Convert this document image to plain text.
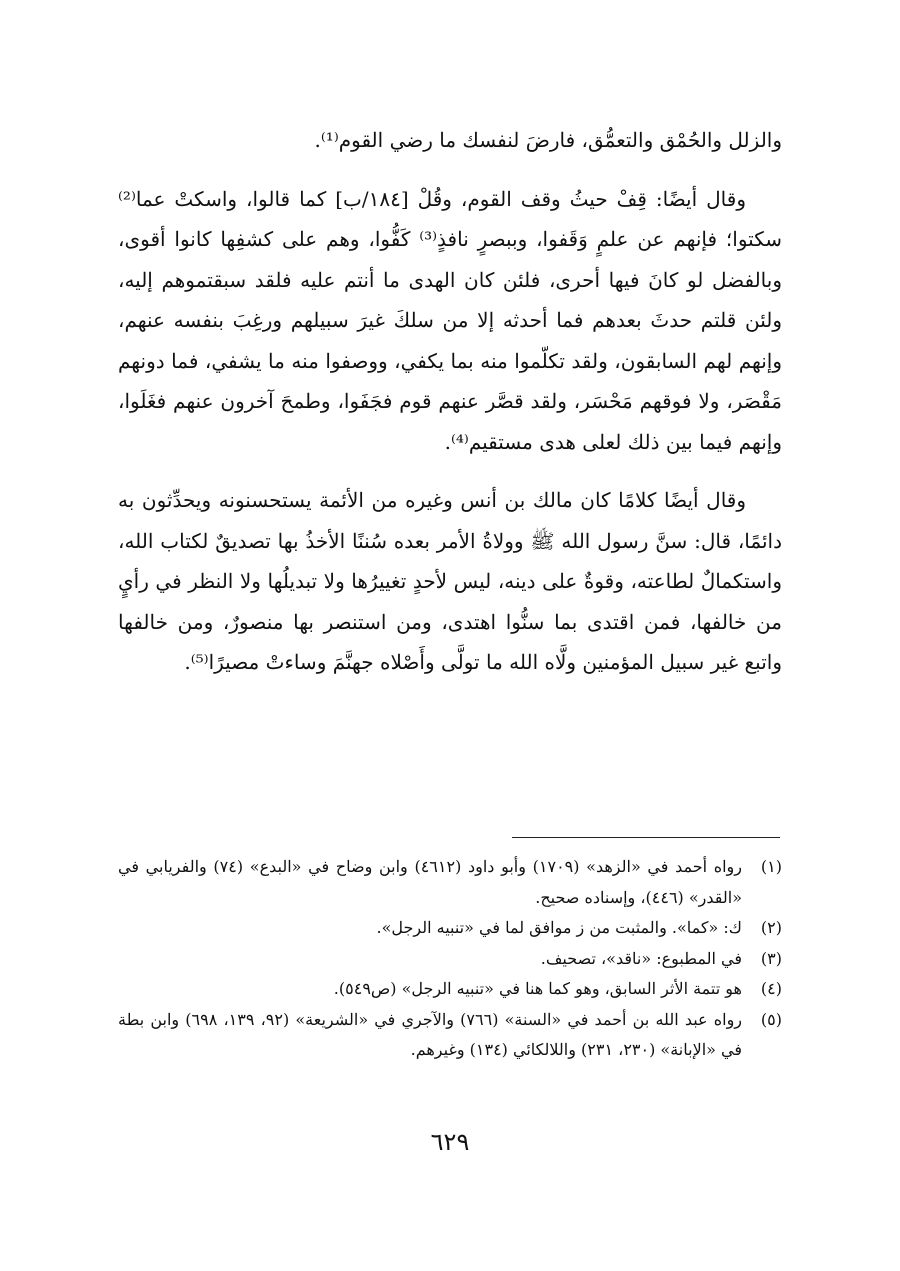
والزلل والحُمْق والتعمُّق، فارضَ لنفسك ما رضي القوم⁽¹⁾.

وقال أيضًا: قِفْ حيثُ وقف القوم، وقُلْ [١٨٤/ب] كما قالوا، واسكتْ عما⁽²⁾ سكتوا؛ فإنهم عن علمٍ وَقَفوا، وببصرٍ نافذٍ⁽³⁾ كَفُّوا، وهم على كشفِها كانوا أقوى، وبالفضل لو كانَ فيها أحرى، فلئن كان الهدى ما أنتم عليه فلقد سبقتموهم إليه، ولئن قلتم حدثَ بعدهم فما أحدثه إلا من سلكَ غيرَ سبيلهم ورغِبَ بنفسه عنهم، وإنهم لهم السابقون، ولقد تكلّموا منه بما يكفي، ووصفوا منه ما يشفي، فما دونهم مَقْصَر، ولا فوقهم مَحْسَر، ولقد قصَّر عنهم قوم فجَفَوا، وطمحَ آخرون عنهم فغَلَوا، وإنهم فيما بين ذلك لعلى هدى مستقيم⁽⁴⁾.

وقال أيضًا كلامًا كان مالك بن أنس وغيره من الأئمة يستحسنونه ويحدِّثون به دائمًا، قال: سنَّ رسول الله ﷺ وولاةُ الأمر بعده سُننًا الأخذُ بها تصديقٌ لكتاب الله، واستكمالٌ لطاعته، وقوةٌ على دينه، ليس لأحدٍ تغييرُها ولا تبديلُها ولا النظر في رأيٍ من خالفها، فمن اقتدى بما سنُّوا اهتدى، ومن استنصر بها منصورٌ، ومن خالفها واتبع غير سبيل المؤمنين ولَّاه الله ما تولَّى وأَصْلاه جهنَّمَ وساءتْ مصيرًا⁽⁵⁾.

(١)
رواه أحمد في «الزهد» (١٧٠٩) وأبو داود (٤٦١٢) وابن وضاح في «البدع» (٧٤) والفريابي في «القدر» (٤٤٦)، وإسناده صحيح.
(٢)
ك: «كما». والمثبت من ز موافق لما في «تنبيه الرجل».
(٣)
في المطبوع: «ناقد»، تصحيف.
(٤)
هو تتمة الأثر السابق، وهو كما هنا في «تنبيه الرجل» (ص٥٤٩).
(٥)
رواه عبد الله بن أحمد في «السنة» (٧٦٦) والآجري في «الشريعة» (٩٢، ١٣٩، ٦٩٨) وابن بطة في «الإبانة» (٢٣٠، ٢٣١) واللالكائي (١٣٤) وغيرهم.
٦٢٩
